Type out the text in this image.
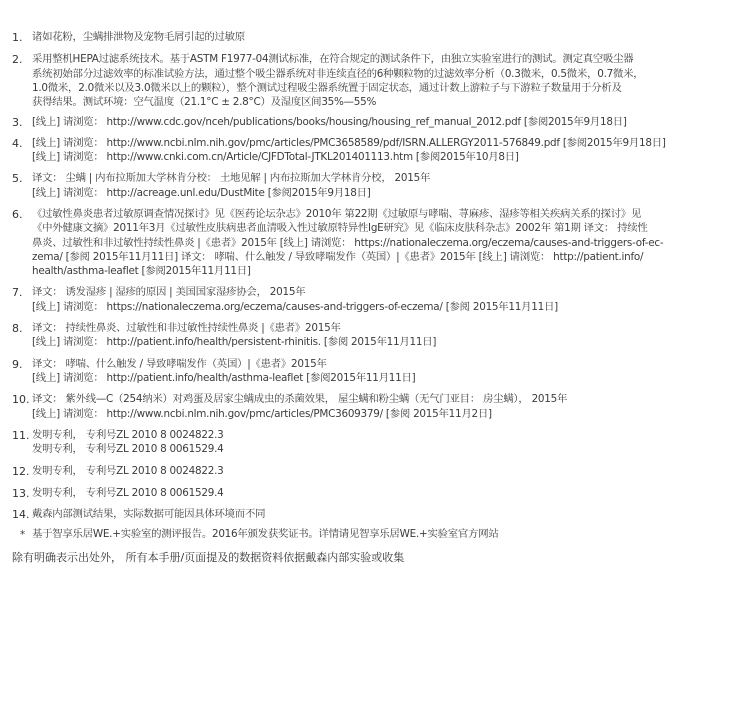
1. 诸如花粉，尘螨排泄物及宠物毛屑引起的过敏原
2. 采用整机HEPA过滤系统技术。基于ASTM F1977-04测试标准，在符合规定的测试条件下，由独立实验室进行的测试。测定真空吸尘器
系统初始部分过滤效率的标准试验方法，通过整个吸尘器系统对非连续直径的6种颗粒物的过滤效率分析（0.3微米，0.5微米，0.7微米，
1.0微米，2.0微米以及3.0微米以上的颗粒），整个测试过程吸尘器系统置于固定状态，通过计数上游粒子与下游粒子数量用于分析及
获得结果。测试环境：空气温度（21.1°C ± 2.8°C）及湿度区间35%—55%
3. [线上] 请浏览： http://www.cdc.gov/nceh/publications/books/housing/housing_ref_manual_2012.pdf [参阅2015年9月18日]
4. [线上] 请浏览： http://www.ncbi.nlm.nih.gov/pmc/articles/PMC3658589/pdf/ISRN.ALLERGY2011-576849.pdf [参阅2015年9月18日]
[线上] 请浏览： http://www.cnki.com.cn/Article/CJFDTotal-JTKL201401113.htm [参阅2015年10月8日]
5. 译文： 尘螨 | 内布拉斯加大学林肯分校： 土地见解 | 内布拉斯加大学林肯分校， 2015年
[线上] 请浏览： http://acreage.unl.edu/DustMite [参阅2015年9月18日]
6. 《过敏性鼻炎患者过敏原调查情况探讨》见《医药论坛杂志》2010年 第22期《过敏原与哮喘、荨麻疹、湿疹等相关疾病关系的探讨》见
《中外健康文摘》2011年3月《过敏性皮肤病患者血清吸入性过敏原特异性IgE研究》见《临床皮肤科杂志》2002年 第1期 译文： 持续性
鼻炎、过敏性和非过敏性持续性鼻炎 |《患者》2015年 [线上] 请浏览： https://nationaleczema.org/eczema/causes-and-triggers-of-ec-
zema/ [参阅 2015年11月11日] 译文： 哮喘、什么触发 / 导致哮喘发作（英国）|《患者》2015年 [线上] 请浏览： http://patient.info/
health/asthma-leaflet [参阅2015年11月11日]
7. 译文： 诱发湿疹 | 湿疹的原因 | 美国国家湿疹协会， 2015年
[线上] 请浏览： https://nationaleczema.org/eczema/causes-and-triggers-of-eczema/ [参阅 2015年11月11日]
8. 译文： 持续性鼻炎、过敏性和非过敏性持续性鼻炎 |《患者》2015年
[线上] 请浏览： http://patient.info/health/persistent-rhinitis. [参阅 2015年11月11日]
9. 译文： 哮喘、什么触发 / 导致哮喘发作（英国）|《患者》2015年
[线上] 请浏览： http://patient.info/health/asthma-leaflet [参阅2015年11月11日]
10. 译文： 紫外线—C（254纳米）对鸡蛋及居家尘螨成虫的杀菌效果， 屋尘螨和粉尘螨（无气门亚目： 房尘螨）， 2015年
[线上] 请浏览： http://www.ncbi.nlm.nih.gov/pmc/articles/PMC3609379/ [参阅 2015年11月2日]
11. 发明专利， 专利号ZL 2010 8 0024822.3
发明专利， 专利号ZL 2010 8 0061529.4
12. 发明专利， 专利号ZL 2010 8 0024822.3
13. 发明专利， 专利号ZL 2010 8 0061529.4
14. 戴森内部测试结果，实际数据可能因具体环境而不同
* 基于智享乐居WE.+实验室的测评报告。2016年颁发获奖证书。详情请见智享乐居WE.+实验室官方网站
除有明确表示出处外， 所有本手册/页面提及的数据资料依据戴森内部实验或收集
